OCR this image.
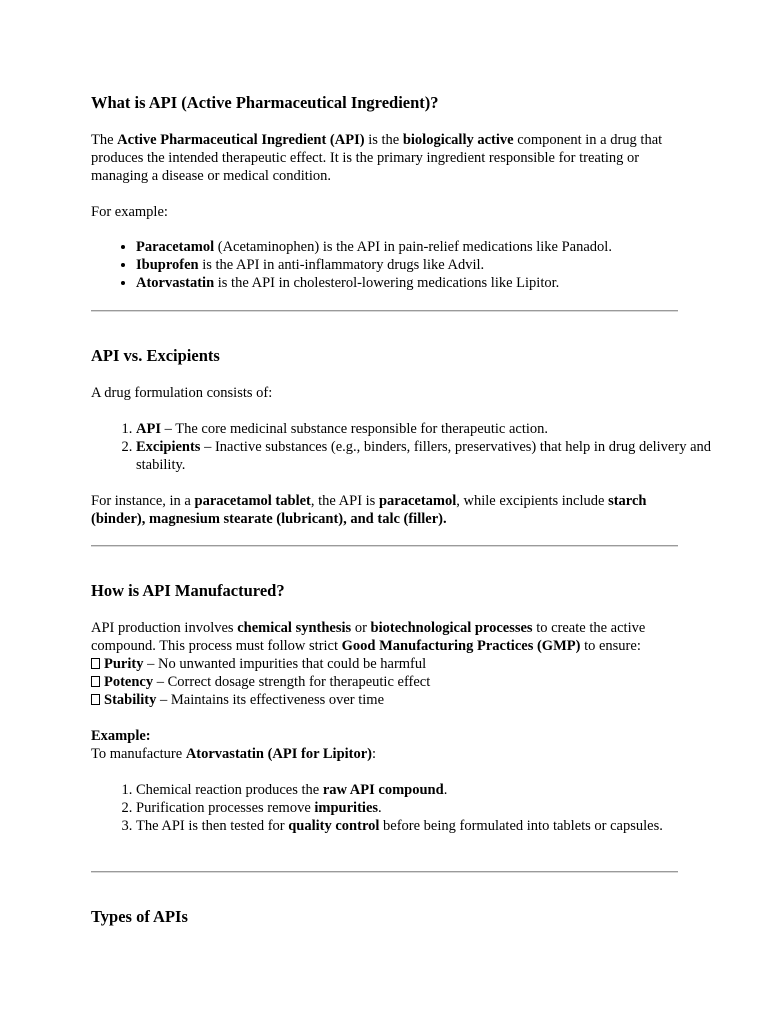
What is API (Active Pharmaceutical Ingredient)?

The Active Pharmaceutical Ingredient (API) is the biologically active component in a drug that produces the intended therapeutic effect. It is the primary ingredient responsible for treating or managing a disease or medical condition.

For example:

• Paracetamol (Acetaminophen) is the API in pain-relief medications like Panadol.
• Ibuprofen is the API in anti-inflammatory drugs like Advil.
• Atorvastatin is the API in cholesterol-lowering medications like Lipitor.
API vs. Excipients

A drug formulation consists of:

1. API – The core medicinal substance responsible for therapeutic action.
2. Excipients – Inactive substances (e.g., binders, fillers, preservatives) that help in drug delivery and stability.

For instance, in a paracetamol tablet, the API is paracetamol, while excipients include starch (binder), magnesium stearate (lubricant), and talc (filler).

How is API Manufactured?

API production involves chemical synthesis or biotechnological processes to create the active compound. This process must follow strict Good Manufacturing Practices (GMP) to ensure:

Purity – No unwanted impurities that could be harmful

Potency – Correct dosage strength for therapeutic effect

Stability – Maintains its effectiveness over time

Example:

To manufacture Atorvastatin (API for Lipitor):

1. Chemical reaction produces the raw API compound.
2. Purification processes remove impurities.
3. The API is then tested for quality control before being formulated into tablets or capsules.
Types of APIs
